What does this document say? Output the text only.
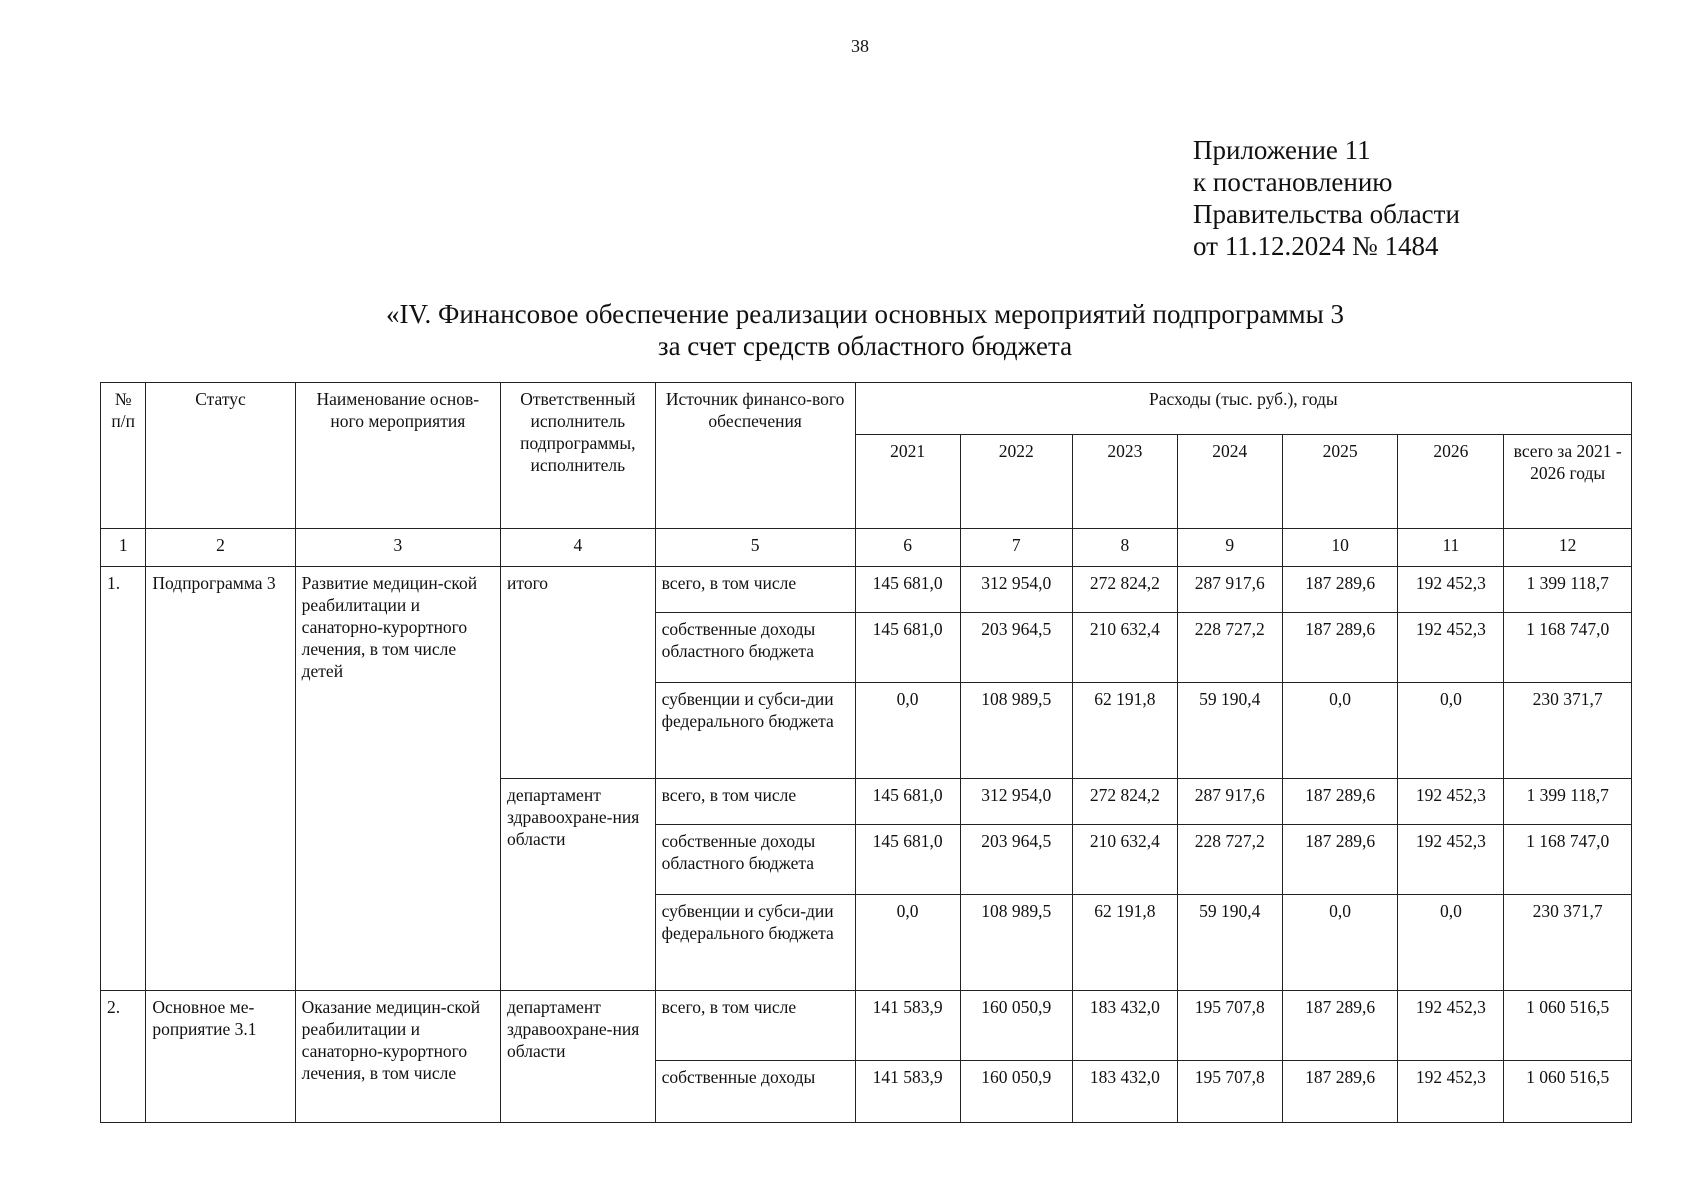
38
Приложение 11
к постановлению
Правительства области
от 11.12.2024 № 1484
«IV. Финансовое обеспечение реализации основных мероприятий подпрограммы 3
за счет средств областного бюджета
№ п/п	Статус	Наименование основ-ного мероприятия	Ответственный исполнитель подпрограммы, исполнитель	Источник финансо-вого обеспечения	Расходы (тыс. руб.), годы						
					2021	2022	2023	2024	2025	2026	всего за 2021 - 2026 годы
1	2	3	4	5	6	7	8	9	10	11	12
1.	Подпрограмма 3	Развитие медицин-ской реабилитации и санаторно-курортного лечения, в том числе детей	итого	всего, в том числе	145 681,0	312 954,0	272 824,2	287 917,6	187 289,6	192 452,3	1 399 118,7
				собственные доходы областного бюджета	145 681,0	203 964,5	210 632,4	228 727,2	187 289,6	192 452,3	1 168 747,0
				субвенции и субси-дии федерального бюджета	0,0	108 989,5	62 191,8	59 190,4	0,0	0,0	230 371,7
			департамент здравоохране-ния области	всего, в том числе	145 681,0	312 954,0	272 824,2	287 917,6	187 289,6	192 452,3	1 399 118,7
				собственные доходы областного бюджета	145 681,0	203 964,5	210 632,4	228 727,2	187 289,6	192 452,3	1 168 747,0
				субвенции и субси-дии федерального бюджета	0,0	108 989,5	62 191,8	59 190,4	0,0	0,0	230 371,7
2.	Основное ме-роприятие 3.1	Оказание медицин-ской реабилитации и санаторно-курортного лечения, в том числе	департамент здравоохране-ния области	всего, в том числе	141 583,9	160 050,9	183 432,0	195 707,8	187 289,6	192 452,3	1 060 516,5
				собственные доходы	141 583,9	160 050,9	183 432,0	195 707,8	187 289,6	192 452,3	1 060 516,5
